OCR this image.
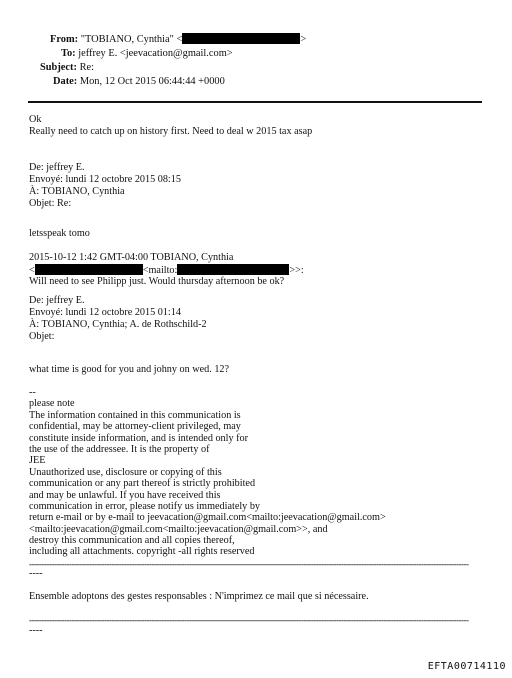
From: "TOBIANO, Cynthia" <	>
To: jeffrey E. <jeevacation@gmail.com>
Subject: Re:
Date: Mon, 12 Oct 2015 06:44:44 +0000
Ok
Really need to catch up on history first. Need to deal w 2015 tax asap
De: jeffrey E.
Envoyé: lundi 12 octobre 2015 08:15
À: TOBIANO, Cynthia
Objet: Re:
letsspeak tomo
2015-10-12 1:42 GMT-04:00 TOBIANO, Cynthia
<	<mailto:	>>:
Will need to see Philipp just. Would thursday afternoon be ok?
De: jeffrey E.
Envoyé: lundi 12 octobre 2015 01:14
À: TOBIANO, Cynthia; A. de Rothschild-2
Objet:
what time is good for you and johny on wed. 12?
--
please note
The information contained in this communication is
confidential, may be attorney-client privileged, may
constitute inside information, and is intended only for
the use of the addressee. It is the property of
JEE
Unauthorized use, disclosure or copying of this
communication or any part thereof is strictly prohibited
and may be unlawful. If you have received this
communication in error, please notify us immediately by
return e-mail or by e-mail to jeevacation@gmail.com<mailto:jeevacation@gmail.com>
<mailto:jeevacation@gmail.com<mailto:jeevacation@gmail.com>>, and
destroy this communication and all copies thereof,
including all attachments. copyright -all rights reserved
--------------------------------------------------------------------------------------------------------------------------------------------------------------------------------
----
Ensemble adoptons des gestes responsables : N'imprimez ce mail que si nécessaire.
--------------------------------------------------------------------------------------------------------------------------------------------------------------------------------
----
EFTA00714110
